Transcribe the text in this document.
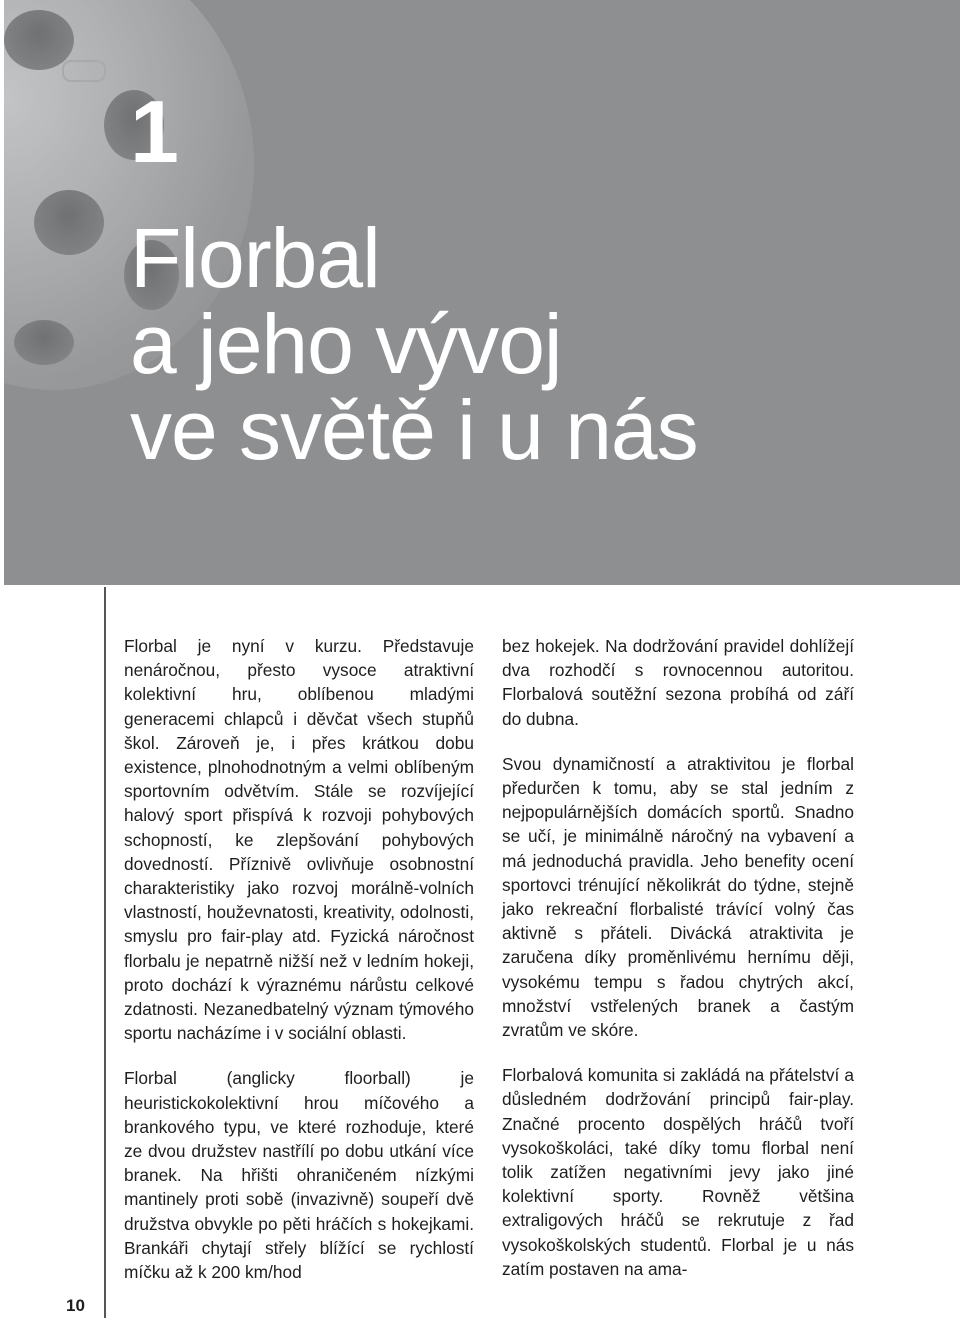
1
Florbal
a jeho vývoj
ve světě i u nás
10

Florbal je nyní v kurzu. Představuje nenáročnou, přesto vysoce atraktivní kolektivní hru, oblíbenou mladými generacemi chlapců i děvčat všech stupňů škol. Zároveň je, i přes krátkou dobu existence, plnohodnotným a velmi oblíbeným sportovním odvětvím. Stále se rozvíjející halový sport přispívá k rozvoji pohybových schopností, ke zlepšování pohybových dovedností. Příznivě ovlivňuje osobnostní charakteristiky jako rozvoj morálně-volních vlastností, houževnatosti, kreativity, odolnosti, smyslu pro fair-play atd. Fyzická náročnost florbalu je nepatrně nižší než v ledním hokeji, proto dochází k výraznému nárůstu celkové zdatnosti. Nezanedbatelný význam týmového sportu nacházíme i v sociální oblasti.

Florbal (anglicky floorball) je heuristickokolektivní hrou míčového a brankového typu, ve které rozhoduje, které ze dvou družstev nastřílí po dobu utkání více branek. Na hřišti ohraničeném nízkými mantinely proti sobě (invazivně) soupeří dvě družstva obvykle po pěti hráčích s hokejkami. Brankáři chytají střely blížící se rychlostí míčku až k 200 km/hod

bez hokejek. Na dodržování pravidel dohlížejí dva rozhodčí s rovnocennou autoritou. Florbalová soutěžní sezona probíhá od září do dubna.

Svou dynamičností a atraktivitou je florbal předurčen k tomu, aby se stal jedním z nejpopulárnějších domácích sportů. Snadno se učí, je minimálně náročný na vybavení a má jednoduchá pravidla. Jeho benefity ocení sportovci trénující několikrát do týdne, stejně jako rekreační florbalisté trávící volný čas aktivně s přáteli. Divácká atraktivita je zaručena díky proměnlivému hernímu ději, vysokému tempu s řadou chytrých akcí, množství vstřelených branek a častým zvratům ve skóre.

Florbalová komunita si zakládá na přátelství a důsledném dodržování principů fair-play. Značné procento dospělých hráčů tvoří vysokoškoláci, také díky tomu florbal není tolik zatížen negativními jevy jako jiné kolektivní sporty. Rovněž většina extraligových hráčů se rekrutuje z řad vysokoškolských studentů. Florbal je u nás zatím postaven na ama-
